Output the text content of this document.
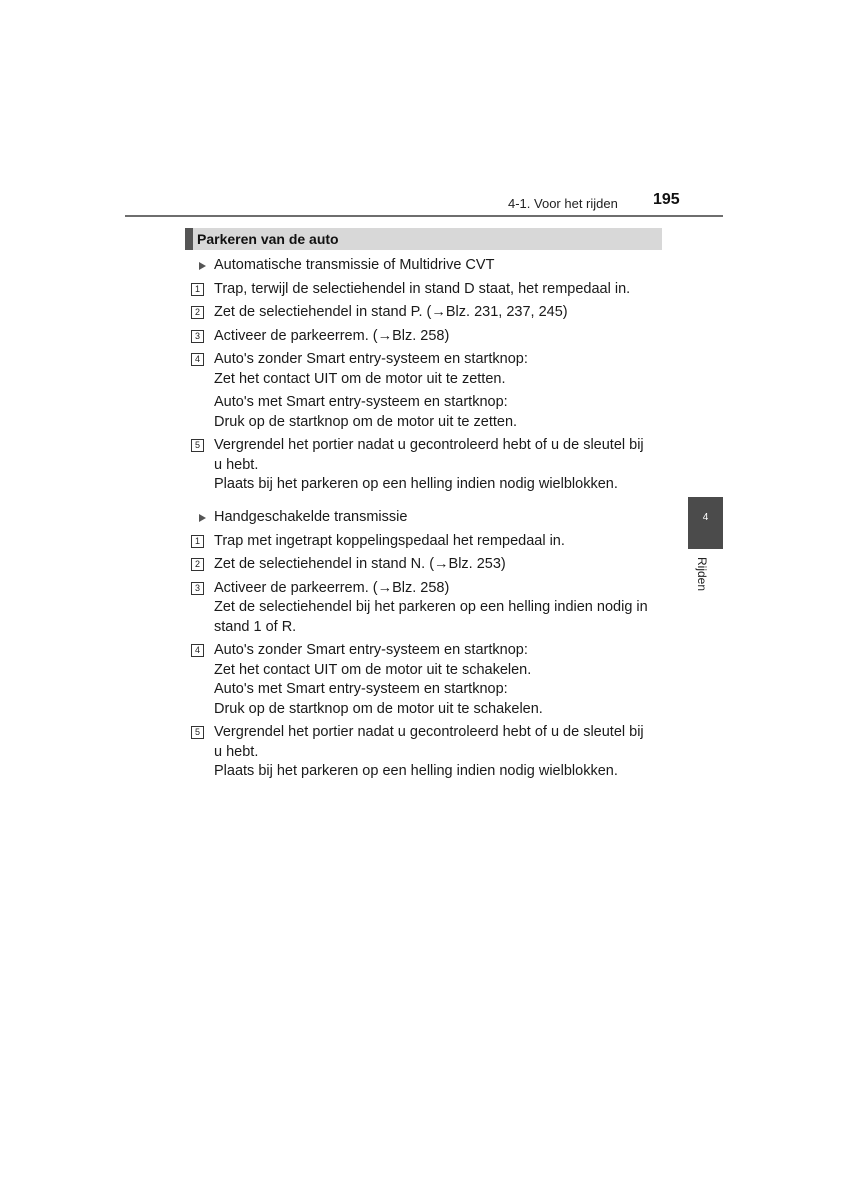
4-1. Voor het rijden 195
Parkeren van de auto
Automatische transmissie of Multidrive CVT
1 Trap, terwijl de selectiehendel in stand D staat, het rempedaal in.
2 Zet de selectiehendel in stand P. (→Blz. 231, 237, 245)
3 Activeer de parkeerrem. (→Blz. 258)
4 Auto's zonder Smart entry-systeem en startknop:
Zet het contact UIT om de motor uit te zetten.
Auto's met Smart entry-systeem en startknop:
Druk op de startknop om de motor uit te zetten.
5 Vergrendel het portier nadat u gecontroleerd hebt of u de sleutel bij
u hebt.
Plaats bij het parkeren op een helling indien nodig wielblokken.
Handgeschakelde transmissie
1 Trap met ingetrapt koppelingspedaal het rempedaal in.
2 Zet de selectiehendel in stand N. (→Blz. 253)
3 Activeer de parkeerrem. (→Blz. 258)
Zet de selectiehendel bij het parkeren op een helling indien nodig in
stand 1 of R.
4 Auto's zonder Smart entry-systeem en startknop:
Zet het contact UIT om de motor uit te schakelen.
Auto's met Smart entry-systeem en startknop:
Druk op de startknop om de motor uit te schakelen.
5 Vergrendel het portier nadat u gecontroleerd hebt of u de sleutel bij
u hebt.
Plaats bij het parkeren op een helling indien nodig wielblokken.
4
Rijden
